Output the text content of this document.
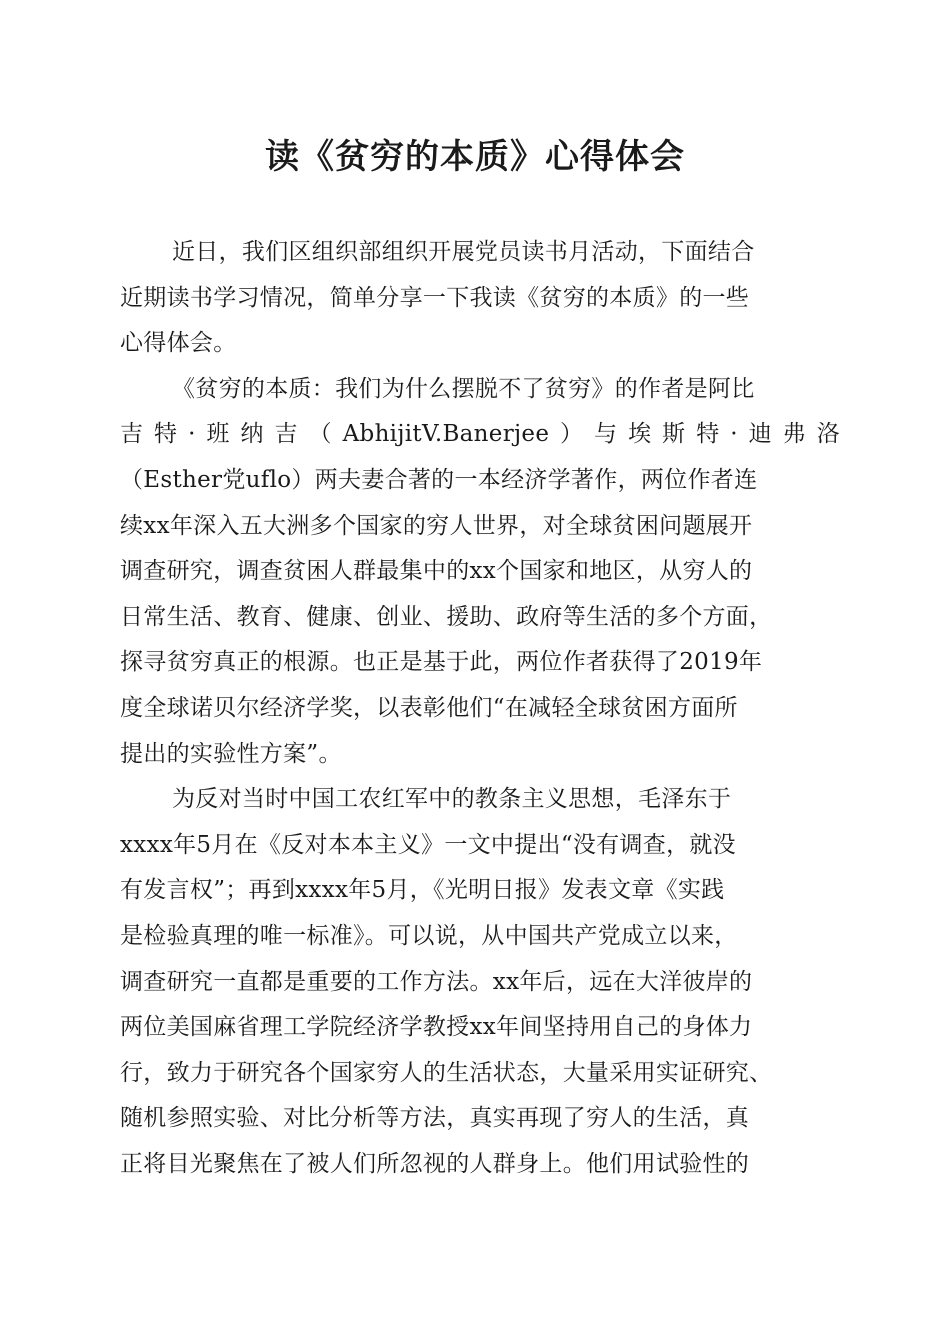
读《贫穷的本质》心得体会
近日，我们区组织部组织开展党员读书月活动，下面结合
近期读书学习情况，简单分享一下我读《贫穷的本质》的一些
心得体会。
《贫穷的本质：我们为什么摆脱不了贫穷》的作者是阿比
吉特·班纳吉（AbhijitV.Banerjee）与埃斯特·迪弗洛
（Esther党uflo）两夫妻合著的一本经济学著作，两位作者连
续xx年深入五大洲多个国家的穷人世界，对全球贫困问题展开
调查研究，调查贫困人群最集中的xx个国家和地区，从穷人的
日常生活、教育、健康、创业、援助、政府等生活的多个方面，
探寻贫穷真正的根源。也正是基于此，两位作者获得了2019年
度全球诺贝尔经济学奖，以表彰他们“在减轻全球贫困方面所
提出的实验性方案”。
为反对当时中国工农红军中的教条主义思想，毛泽东于
xxxx年5月在《反对本本主义》一文中提出“没有调查，就没
有发言权”；再到xxxx年5月，《光明日报》发表文章《实践
是检验真理的唯一标准》。可以说，从中国共产党成立以来，
调查研究一直都是重要的工作方法。xx年后，远在大洋彼岸的
两位美国麻省理工学院经济学教授xx年间坚持用自己的身体力
行，致力于研究各个国家穷人的生活状态，大量采用实证研究、
随机参照实验、对比分析等方法，真实再现了穷人的生活，真
正将目光聚焦在了被人们所忽视的人群身上。他们用试验性的
